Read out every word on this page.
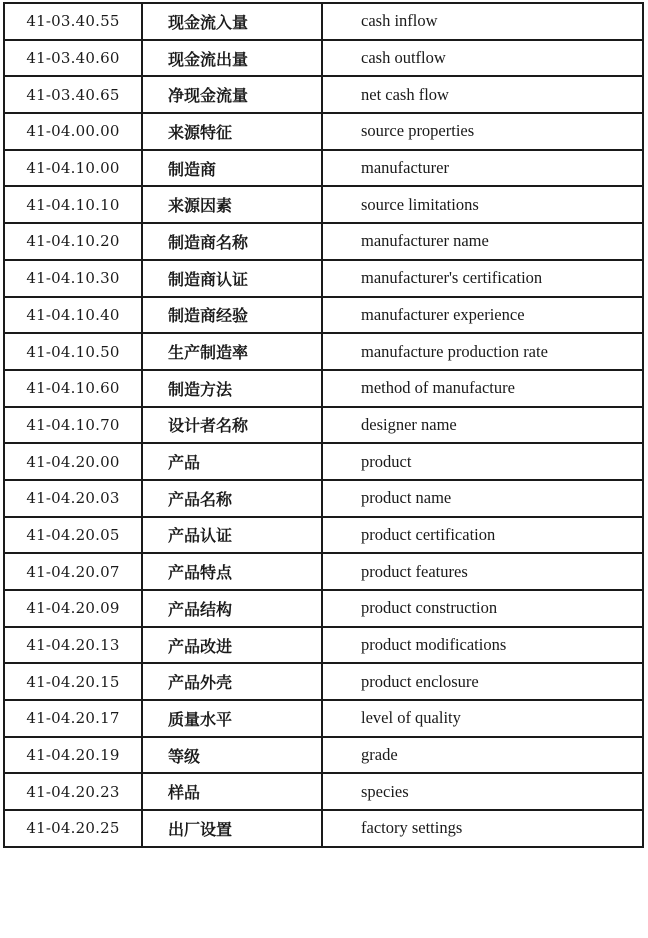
41-03.40.55	现金流入量	cash inflow
41-03.40.60	现金流出量	cash outflow
41-03.40.65	净现金流量	net cash flow
41-04.00.00	来源特征	source properties
41-04.10.00	制造商	manufacturer
41-04.10.10	来源因素	source limitations
41-04.10.20	制造商名称	manufacturer name
41-04.10.30	制造商认证	manufacturer's certification
41-04.10.40	制造商经验	manufacturer experience
41-04.10.50	生产制造率	manufacture production rate
41-04.10.60	制造方法	method of manufacture
41-04.10.70	设计者名称	designer name
41-04.20.00	产品	product
41-04.20.03	产品名称	product name
41-04.20.05	产品认证	product certification
41-04.20.07	产品特点	product features
41-04.20.09	产品结构	product construction
41-04.20.13	产品改进	product modifications
41-04.20.15	产品外壳	product enclosure
41-04.20.17	质量水平	level of quality
41-04.20.19	等级	grade
41-04.20.23	样品	species
41-04.20.25	出厂设置	factory settings
